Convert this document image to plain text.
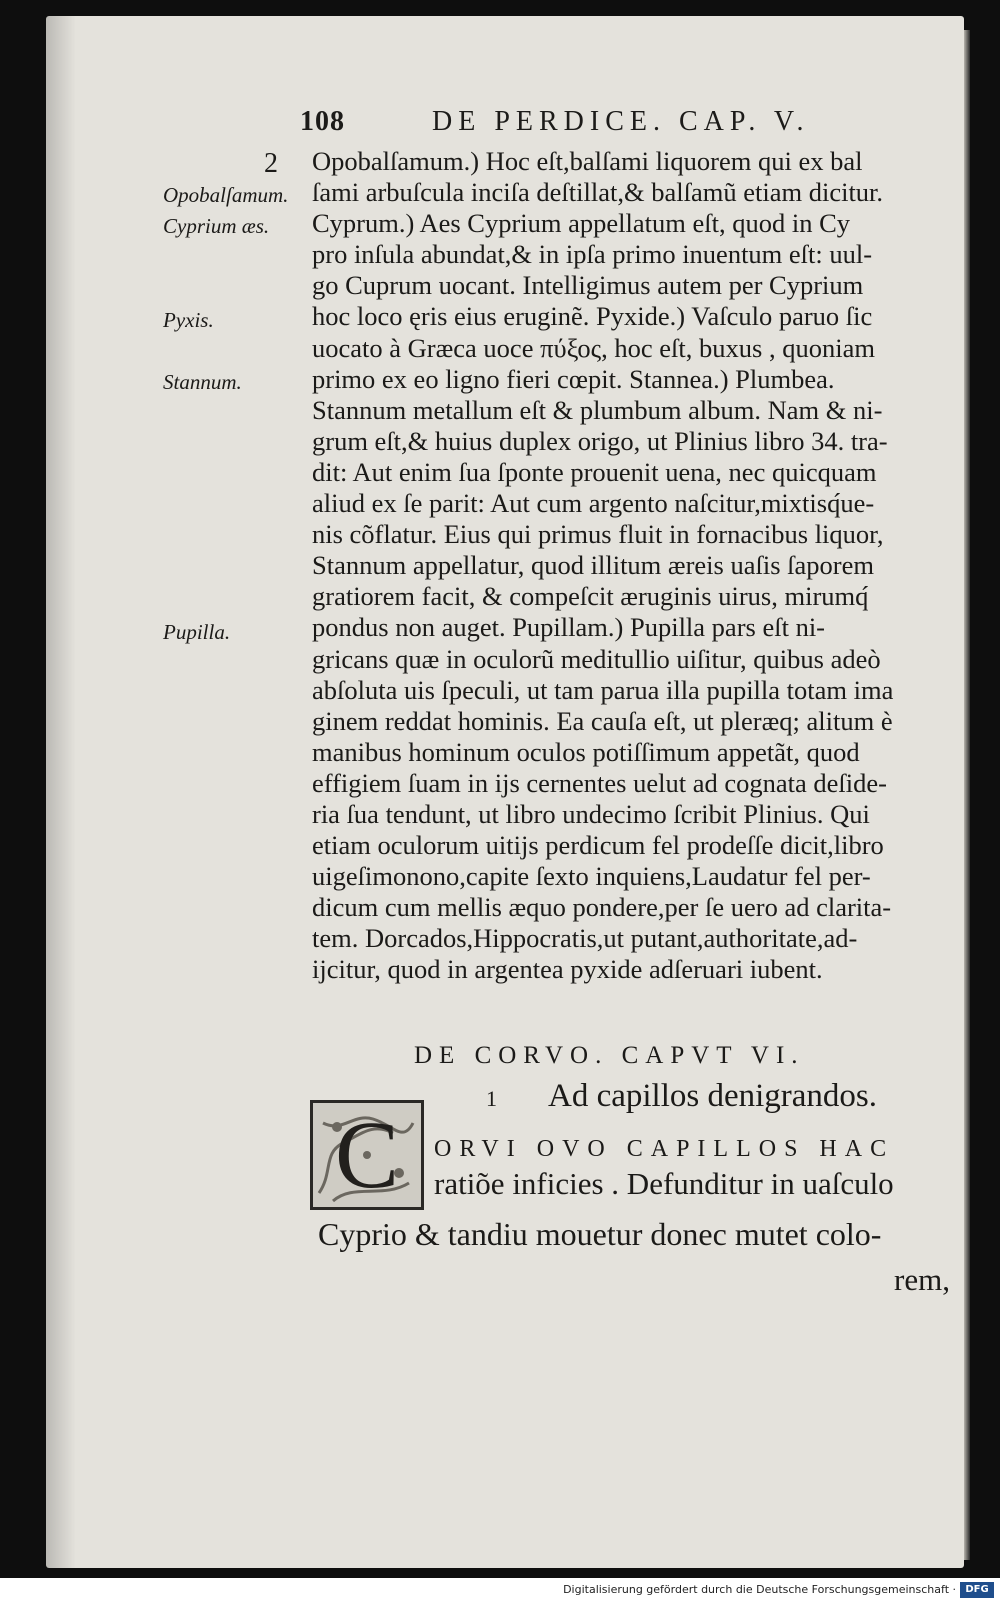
108	DE PERDICE. CAP. V.
2
Opobalſamum.
Cyprium æs.
Pyxis.
Stannum.
Pupilla.
Opobalſamum.) Hoc eſt,balſami liquorem qui ex bal
ſami arbuſcula inciſa deſtillat,& balſamũ etiam dicitur.
Cyprum.) Aes Cyprium appellatum eſt, quod in Cy
pro inſula abundat,& in ipſa primo inuentum eſt: uul-
go Cuprum uocant. Intelligimus autem per Cyprium
hoc loco ęris eius eruginẽ. Pyxide.) Vaſculo paruo ſic
uocato à Græca uoce πύξος, hoc eſt, buxus , quoniam
primo ex eo ligno fieri cœpit. Stannea.) Plumbea.
Stannum metallum eſt & plumbum album. Nam & ni-
grum eſt,& huius duplex origo, ut Plinius libro 34. tra-
dit: Aut enim ſua ſponte prouenit uena, nec quicquam
aliud ex ſe parit: Aut cum argento naſcitur,mixtisq́ue-
nis cõflatur. Eius qui primus fluit in fornacibus liquor,
Stannum appellatur, quod illitum æreis uaſis ſaporem
gratiorem facit, & compeſcit æruginis uirus, mirumq́
pondus non auget. Pupillam.) Pupilla pars eſt ni-
gricans quæ in oculorũ meditullio uiſitur, quibus adeò
abſoluta uis ſpeculi, ut tam parua illa pupilla totam ima
ginem reddat hominis. Ea cauſa eſt, ut pleræq; alitum è
manibus hominum oculos potiſſimum appetãt, quod
effigiem ſuam in ijs cernentes uelut ad cognata deſide-
ria ſua tendunt, ut libro undecimo ſcribit Plinius. Qui
etiam oculorum uitijs perdicum fel prodeſſe dicit,libro
uigeſimonono,capite ſexto inquiens,Laudatur fel per-
dicum cum mellis æquo pondere,per ſe uero ad clarita-
tem. Dorcados,Hippocratis,ut putant,authoritate,ad-
ijcitur, quod in argentea pyxide adſeruari iubent.
DE CORVO. CAPVT VI.
1 Ad capillos denigrandos.
C	ORVI OVO CAPILLOS HAC
ratiõe inficies . Defunditur in uaſculo
Cyprio & tandiu mouetur donec mutet colo-
rem,
Digitalisierung gefördert durch die Deutsche Forschungsgemeinschaft · DFG
